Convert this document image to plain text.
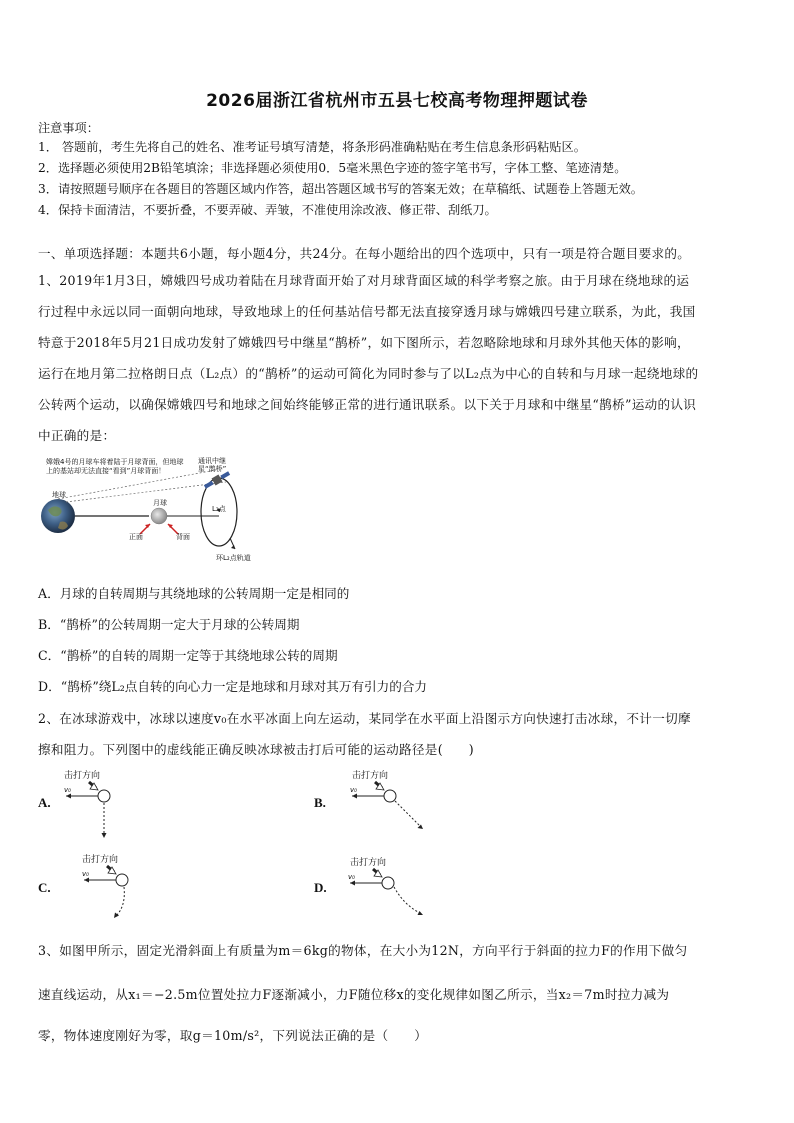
2026届浙江省杭州市五县七校高考物理押题试卷
注意事项：
1． 答题前，考生先将自己的姓名、准考证号填写清楚，将条形码准确粘贴在考生信息条形码粘贴区。
2．选择题必须使用2B铅笔填涂；非选择题必须使用0．5毫米黑色字迹的签字笔书写，字体工整、笔迹清楚。
3．请按照题号顺序在各题目的答题区域内作答，超出答题区域书写的答案无效；在草稿纸、试题卷上答题无效。
4．保持卡面清洁，不要折叠，不要弄破、弄皱，不准使用涂改液、修正带、刮纸刀。
一、单项选择题：本题共6小题，每小题4分，共24分。在每小题给出的四个选项中，只有一项是符合题目要求的。
1、2019年1月3日，嫦娥四号成功着陆在月球背面开始了对月球背面区域的科学考察之旅。由于月球在绕地球的运
行过程中永远以同一面朝向地球，导致地球上的任何基站信号都无法直接穿透月球与嫦娥四号建立联系，为此，我国
特意于2018年5月21日成功发射了嫦娥四号中继星“鹊桥”，如下图所示，若忽略除地球和月球外其他天体的影响，
运行在地月第二拉格朗日点（L₂点）的“鹊桥”的运动可简化为同时参与了以L₂点为中心的自转和与月球一起绕地球的
公转两个运动，以确保嫦娥四号和地球之间始终能够正常的进行通讯联系。以下关于月球和中继星“鹊桥”运动的认识
中正确的是：
嫦娥4号的月球车将着陆于月球背面，但地球
上的基站却无法直接“看到”月球背面！
通讯中继
星“鹊桥”
地球
月球
L₂点
正面	背面
环L₂点轨道
A．月球的自转周期与其绕地球的公转周期一定是相同的
B．“鹊桥”的公转周期一定大于月球的公转周期
C．“鹊桥”的自转的周期一定等于其绕地球公转的周期
D．“鹊桥”绕L₂点自转的向心力一定是地球和月球对其万有引力的合力
2、在冰球游戏中，冰球以速度v₀在水平冰面上向左运动，某同学在水平面上沿图示方向快速打击冰球，不计一切摩
擦和阻力。下列图中的虚线能正确反映冰球被击打后可能的运动路径是(　　)
A.
击打方向
v₀
B.
击打方向
v₀
C.
击打方向
v₀
D.
击打方向
v₀
3、如图甲所示，固定光滑斜面上有质量为m＝6kg的物体，在大小为12N，方向平行于斜面的拉力F的作用下做匀
速直线运动，从x₁＝−2.5m位置处拉力F逐渐减小，力F随位移x的变化规律如图乙所示，当x₂＝7m时拉力减为
零，物体速度刚好为零，取g＝10m/s²，下列说法正确的是（　　）
